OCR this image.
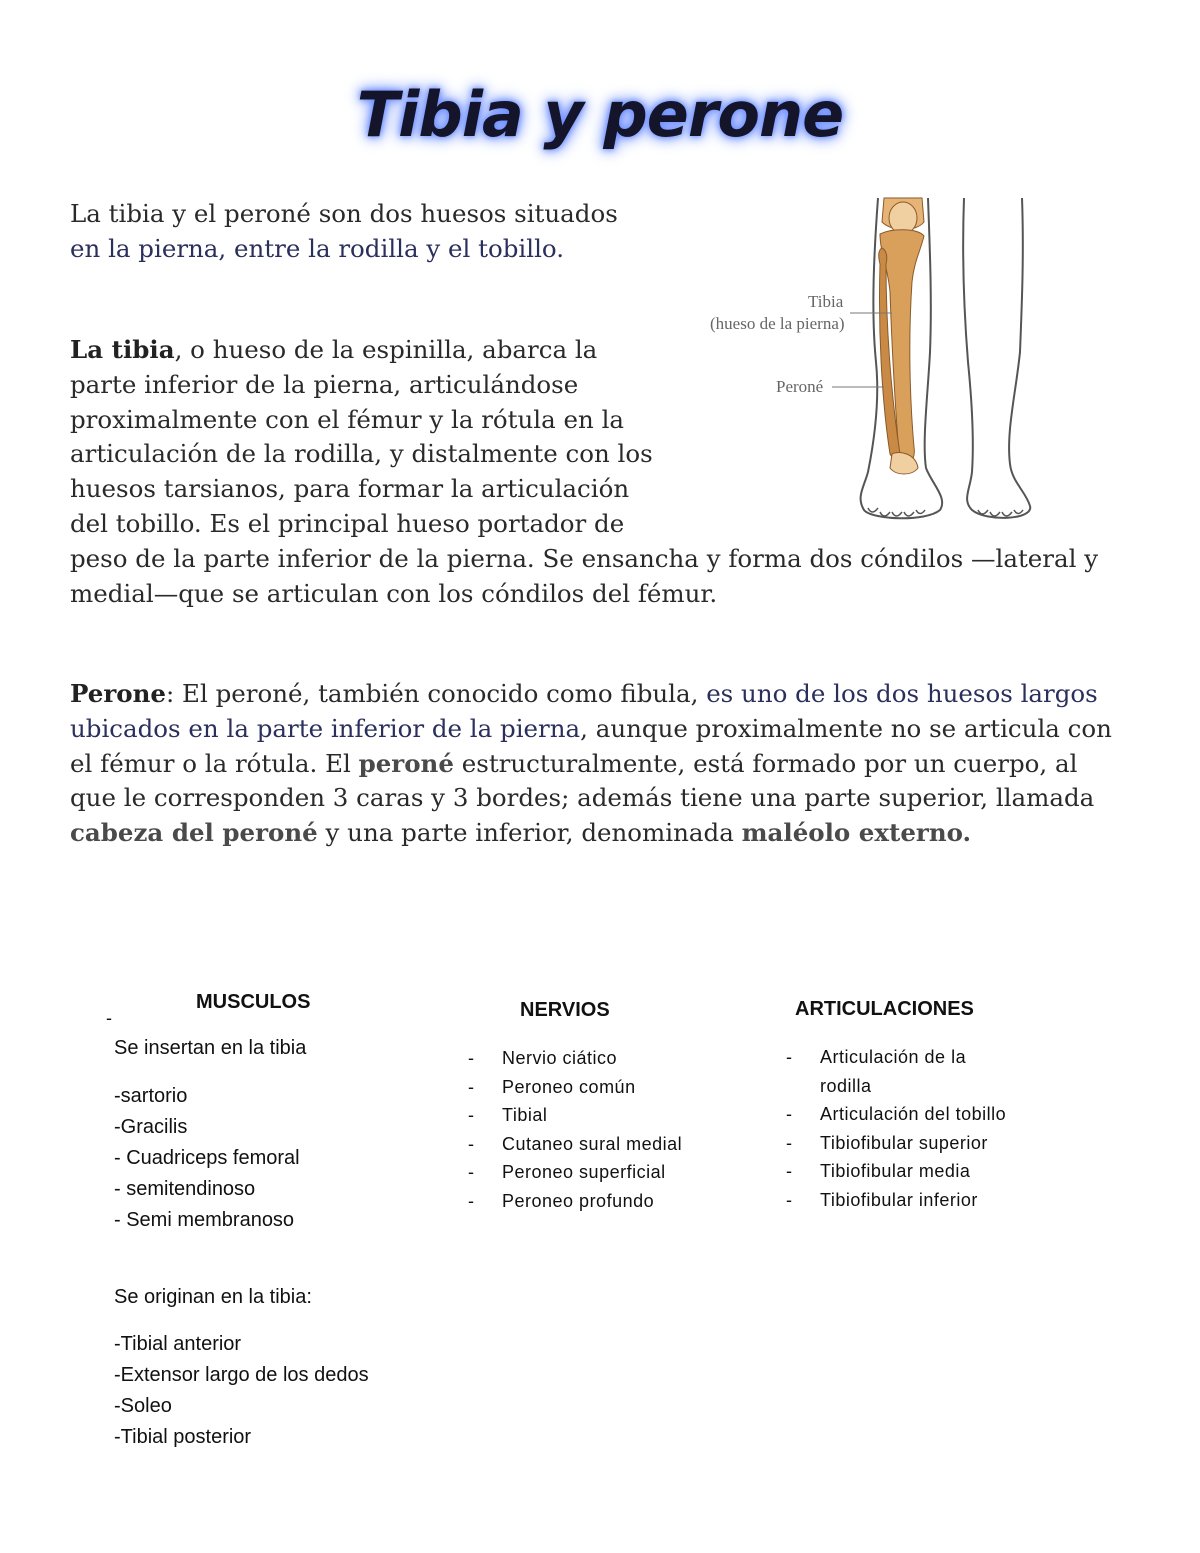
Tibia y perone
La tibia y el peroné son dos huesos situados
en la pierna, entre la rodilla y el tobillo.
Tibia
(hueso de la pierna)
Peroné
La tibia, o hueso de la espinilla, abarca la parte inferior de la pierna, articulándose proximalmente con el fémur y la rótula en la articulación de la rodilla, y distalmente con los huesos tarsianos, para formar la articulación del tobillo. Es el principal hueso portador de peso de la parte inferior de la pierna. Se ensancha y forma dos cóndilos —lateral y medial—que se articulan con los cóndilos del fémur.
Perone: El peroné, también conocido como fibula, es uno de los dos huesos largos ubicados en la parte inferior de la pierna, aunque proximalmente no se articula con el fémur o la rótula. El peroné estructuralmente, está formado por un cuerpo, al que le corresponden 3 caras y 3 bordes; además tiene una parte superior, llamada cabeza del peroné y una parte inferior, denominada maléolo externo.
MUSCULOS
-
Se insertan en la tibia
-sartorio
-Gracilis
- Cuadriceps femoral
- semitendinoso
- Semi membranoso
Se originan en la tibia:
-Tibial anterior
-Extensor largo de los dedos
-Soleo
-Tibial posterior
NERVIOS
- Nervio ciático
- Peroneo común
- Tibial
- Cutaneo sural medial
- Peroneo superficial
- Peroneo profundo
ARTICULACIONES
- Articulación de la rodilla
- Articulación del tobillo
- Tibiofibular superior
- Tibiofibular media
- Tibiofibular inferior
